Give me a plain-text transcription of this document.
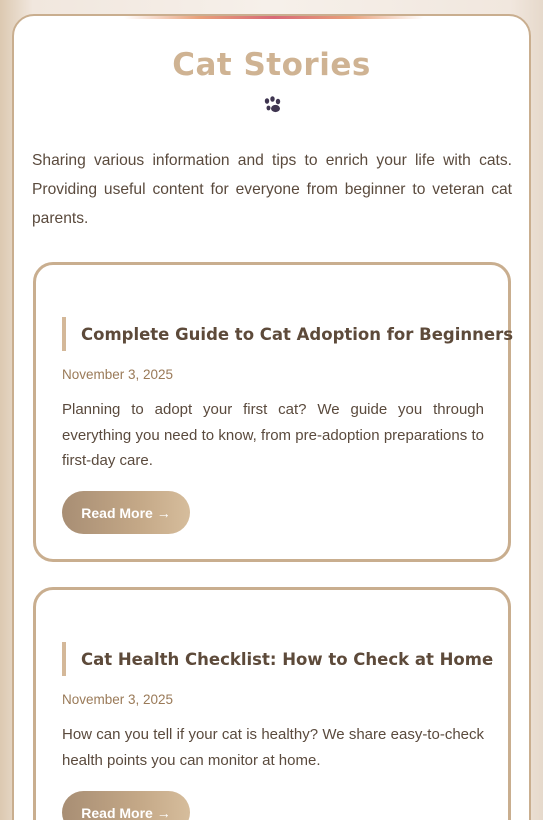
Cat Stories

Sharing various information and tips to enrich your life with cats. Providing useful content for everyone from beginner to veteran cat parents.

Complete Guide to Cat Adoption for Beginners
November 3, 2025

Planning to adopt your first cat? We guide you through everything you need to know, from pre-adoption preparations to first-day care.

Read More →
Cat Health Checklist: How to Check at Home
November 3, 2025

How can you tell if your cat is healthy? We share easy-to-check health points you can monitor at home.

Read More →
